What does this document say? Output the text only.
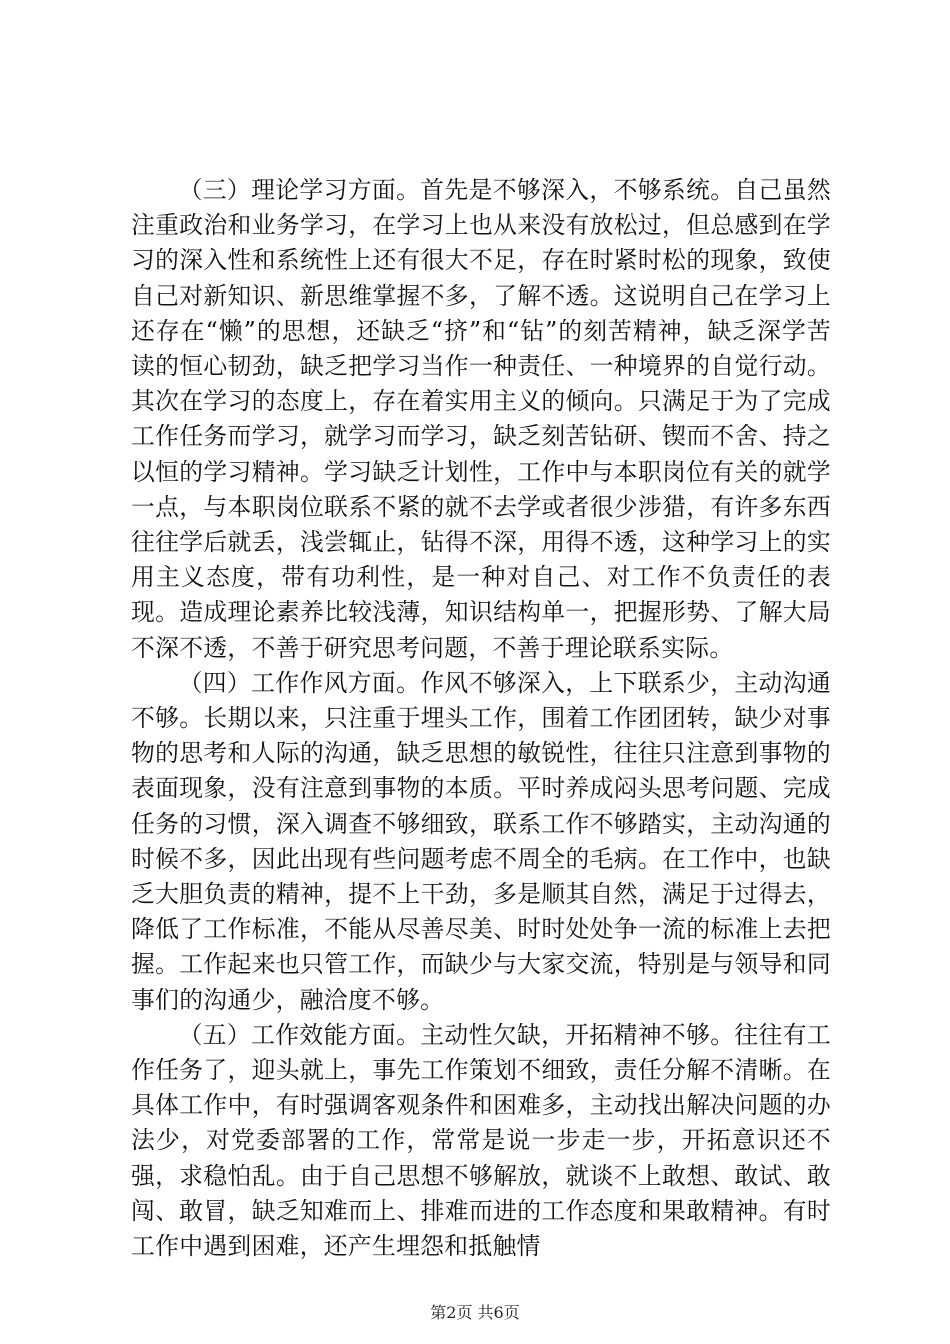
（三）理论学习方面。首先是不够深入，不够系统。自己虽然注重政治和业务学习，在学习上也从来没有放松过，但总感到在学习的深入性和系统性上还有很大不足，存在时紧时松的现象，致使自己对新知识、新思维掌握不多，了解不透。这说明自己在学习上还存在“懒”的思想，还缺乏“挤”和“钻”的刻苦精神，缺乏深学苦读的恒心韧劲，缺乏把学习当作一种责任、一种境界的自觉行动。其次在学习的态度上，存在着实用主义的倾向。只满足于为了完成工作任务而学习，就学习而学习，缺乏刻苦钻研、锲而不舍、持之以恒的学习精神。学习缺乏计划性，工作中与本职岗位有关的就学一点，与本职岗位联系不紧的就不去学或者很少涉猎，有许多东西往往学后就丢，浅尝辄止，钻得不深，用得不透，这种学习上的实用主义态度，带有功利性，是一种对自己、对工作不负责任的表现。造成理论素养比较浅薄，知识结构单一，把握形势、了解大局不深不透，不善于研究思考问题，不善于理论联系实际。

（四）工作作风方面。作风不够深入，上下联系少，主动沟通不够。长期以来，只注重于埋头工作，围着工作团团转，缺少对事物的思考和人际的沟通，缺乏思想的敏锐性，往往只注意到事物的表面现象，没有注意到事物的本质。平时养成闷头思考问题、完成任务的习惯，深入调查不够细致，联系工作不够踏实，主动沟通的时候不多，因此出现有些问题考虑不周全的毛病。在工作中，也缺乏大胆负责的精神，提不上干劲，多是顺其自然，满足于过得去，降低了工作标准，不能从尽善尽美、时时处处争一流的标准上去把握。工作起来也只管工作，而缺少与大家交流，特别是与领导和同事们的沟通少，融洽度不够。

（五）工作效能方面。主动性欠缺，开拓精神不够。往往有工作任务了，迎头就上，事先工作策划不细致，责任分解不清晰。在具体工作中，有时强调客观条件和困难多，主动找出解决问题的办法少，对党委部署的工作，常常是说一步走一步，开拓意识还不强，求稳怕乱。由于自己思想不够解放，就谈不上敢想、敢试、敢闯、敢冒，缺乏知难而上、排难而进的工作态度和果敢精神。有时工作中遇到困难，还产生埋怨和抵触情

第2页 共6页
